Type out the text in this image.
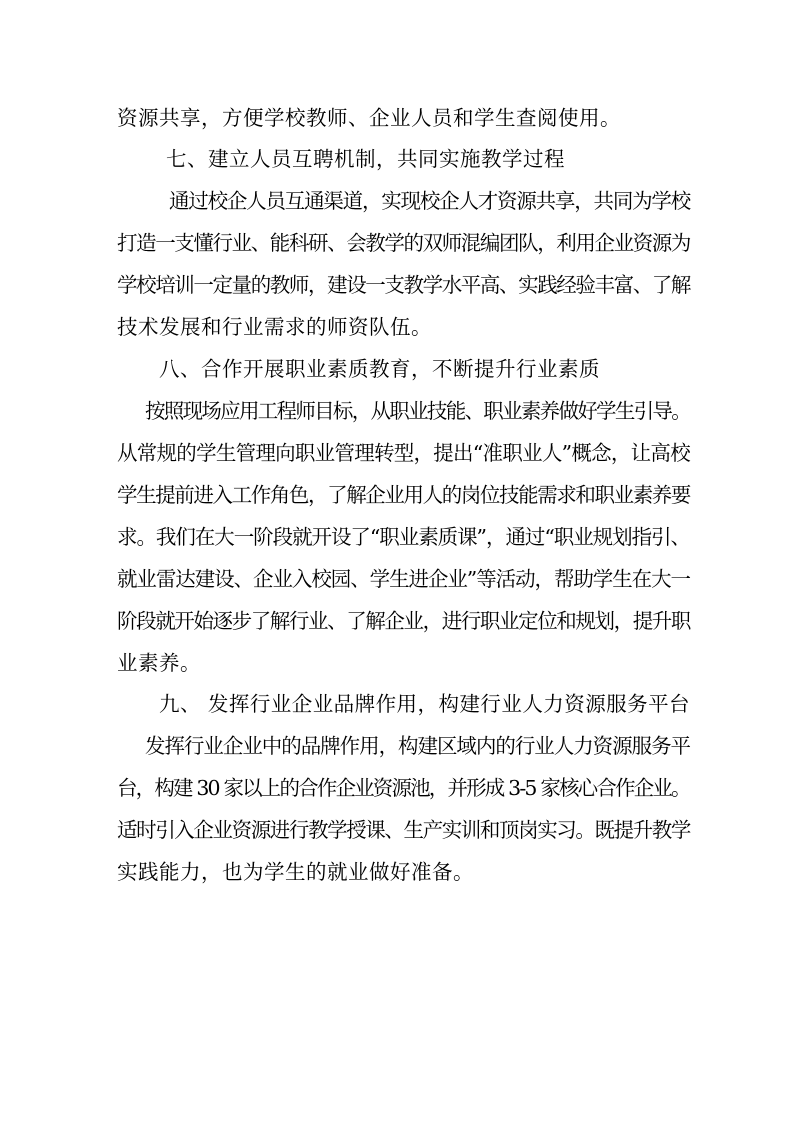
资源共享，方便学校教师、企业人员和学生查阅使用。
七、建立人员互聘机制，共同实施教学过程
通过校企人员互通渠道，实现校企人才资源共享，共同为学校
打造一支懂行业、能科研、会教学的双师混编团队，利用企业资源为
学校培训一定量的教师，建设一支教学水平高、实践经验丰富、了解
技术发展和行业需求的师资队伍。
八、合作开展职业素质教育，不断提升行业素质
按照现场应用工程师目标，从职业技能、职业素养做好学生引导。
从常规的学生管理向职业管理转型，提出“准职业人”概念，让高校
学生提前进入工作角色，了解企业用人的岗位技能需求和职业素养要
求。我们在大一阶段就开设了“职业素质课”，通过“职业规划指引、
就业雷达建设、企业入校园、学生进企业”等活动，帮助学生在大一
阶段就开始逐步了解行业、了解企业，进行职业定位和规划，提升职
业素养。
九、 发挥行业企业品牌作用，构建行业人力资源服务平台
发挥行业企业中的品牌作用，构建区域内的行业人力资源服务平
台，构建 30 家以上的合作企业资源池，并形成 3-5 家核心合作企业。
适时引入企业资源进行教学授课、生产实训和顶岗实习。既提升教学
实践能力，也为学生的就业做好准备。
